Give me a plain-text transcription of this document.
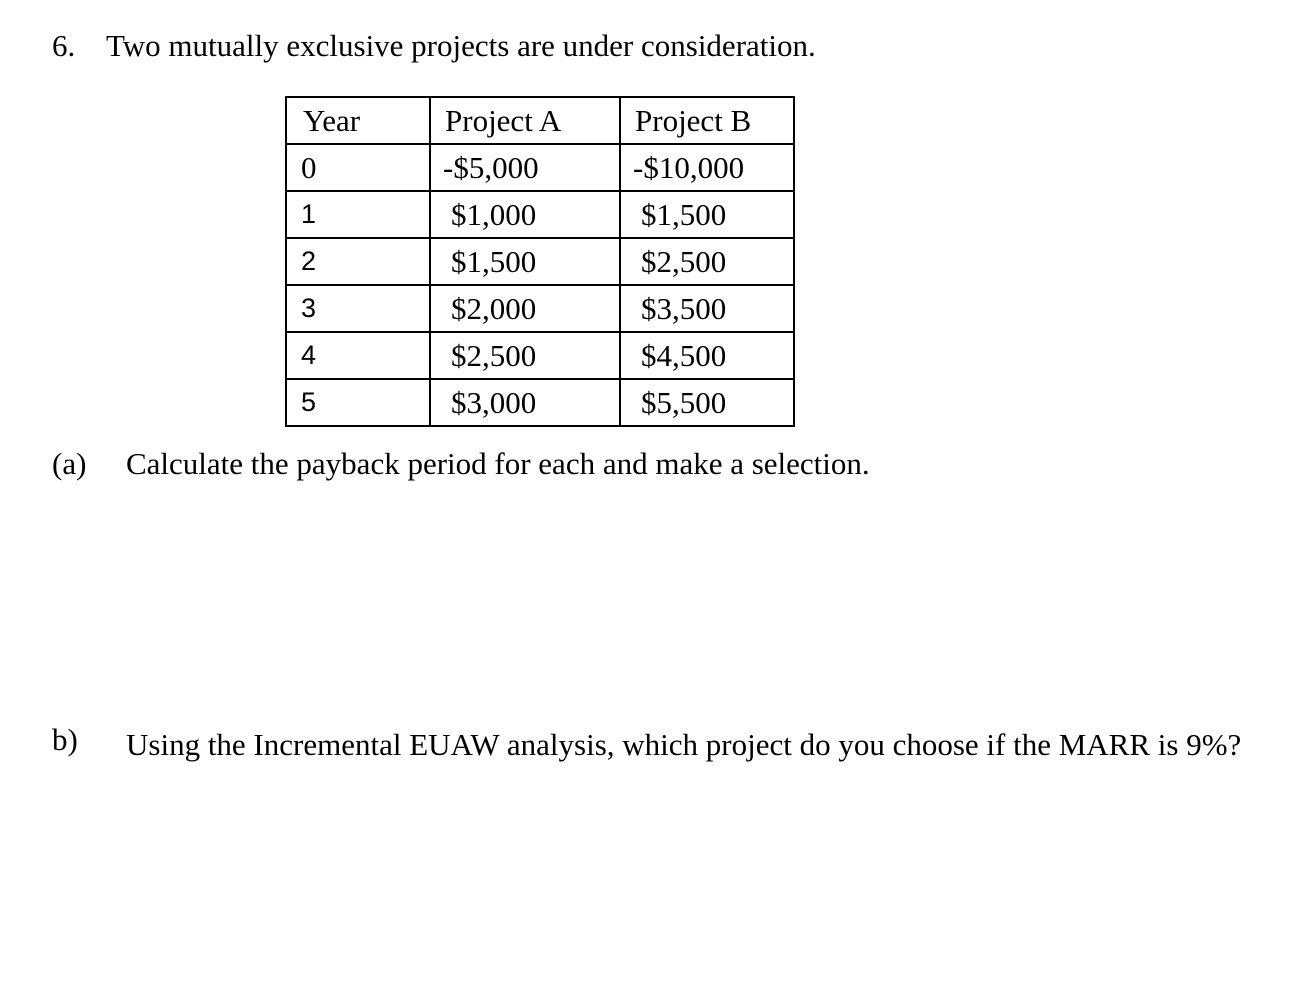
6. Two mutually exclusive projects are under consideration.
Year	Project A	Project B
0	-$5,000	-$10,000
1	$1,000	$1,500
2	$1,500	$2,500
3	$2,000	$3,500
4	$2,500	$4,500
5	$3,000	$5,500
(a) Calculate the payback period for each and make a selection.
b) Using the Incremental EUAW analysis, which project do you choose if the MARR is 9%?
